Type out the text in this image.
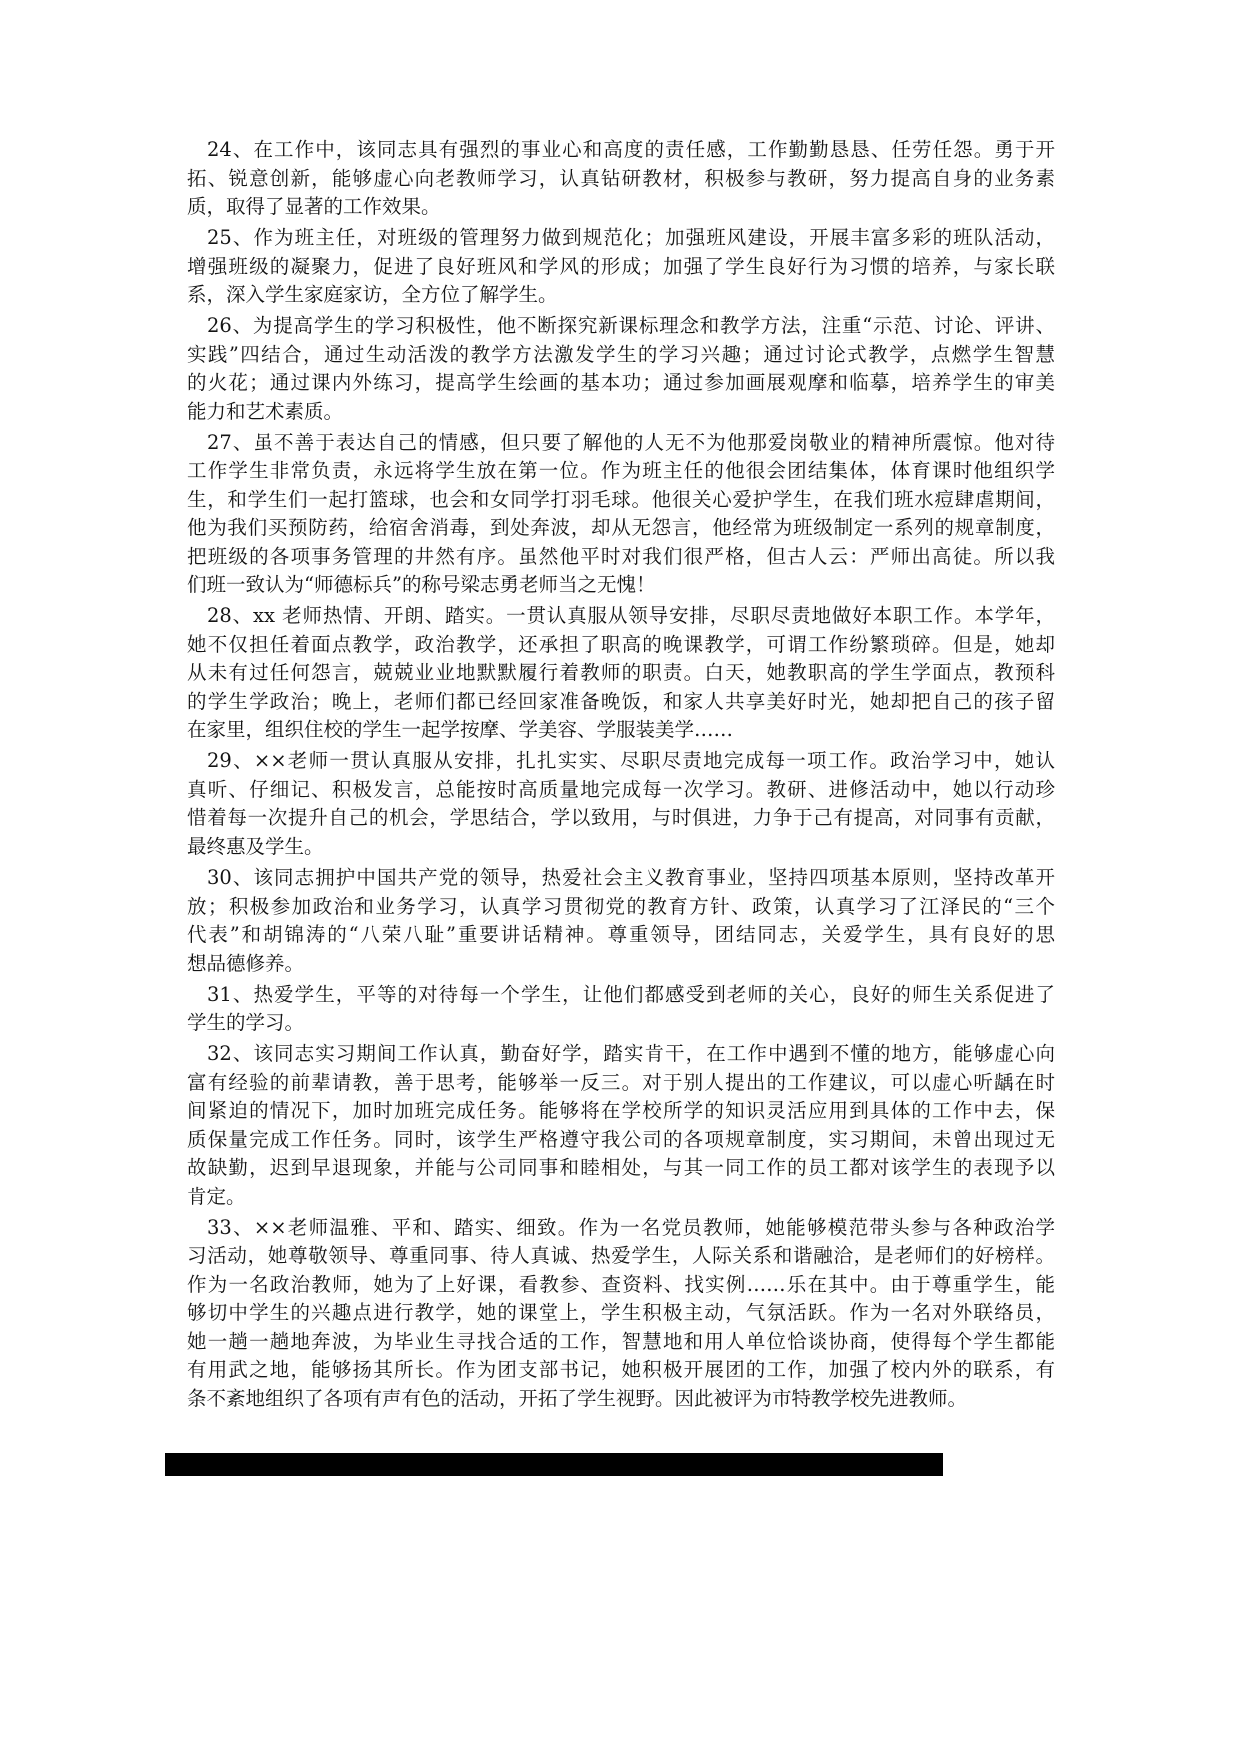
24、在工作中，该同志具有强烈的事业心和高度的责任感，工作勤勤恳恳、任劳任怨。勇于开
拓、锐意创新，能够虚心向老教师学习，认真钻研教材，积极参与教研，努力提高自身的业务素
质，取得了显著的工作效果。
25、作为班主任，对班级的管理努力做到规范化；加强班风建设，开展丰富多彩的班队活动，
增强班级的凝聚力，促进了良好班风和学风的形成；加强了学生良好行为习惯的培养，与家长联
系，深入学生家庭家访，全方位了解学生。
26、为提高学生的学习积极性，他不断探究新课标理念和教学方法，注重“示范、讨论、评讲、
实践”四结合，通过生动活泼的教学方法激发学生的学习兴趣；通过讨论式教学，点燃学生智慧
的火花；通过课内外练习，提高学生绘画的基本功；通过参加画展观摩和临摹，培养学生的审美
能力和艺术素质。
27、虽不善于表达自己的情感，但只要了解他的人无不为他那爱岗敬业的精神所震惊。他对待
工作学生非常负责，永远将学生放在第一位。作为班主任的他很会团结集体，体育课时他组织学
生，和学生们一起打篮球，也会和女同学打羽毛球。他很关心爱护学生，在我们班水痘肆虐期间，
他为我们买预防药，给宿舍消毒，到处奔波，却从无怨言，他经常为班级制定一系列的规章制度，
把班级的各项事务管理的井然有序。虽然他平时对我们很严格，但古人云：严师出高徒。所以我
们班一致认为“师德标兵”的称号梁志勇老师当之无愧！
28、xx 老师热情、开朗、踏实。一贯认真服从领导安排，尽职尽责地做好本职工作。本学年，
她不仅担任着面点教学，政治教学，还承担了职高的晚课教学，可谓工作纷繁琐碎。但是，她却
从未有过任何怨言，兢兢业业地默默履行着教师的职责。白天，她教职高的学生学面点，教预科
的学生学政治；晚上，老师们都已经回家准备晚饭，和家人共享美好时光，她却把自己的孩子留
在家里，组织住校的学生一起学按摩、学美容、学服装美学……
29、××老师一贯认真服从安排，扎扎实实、尽职尽责地完成每一项工作。政治学习中，她认
真听、仔细记、积极发言，总能按时高质量地完成每一次学习。教研、进修活动中，她以行动珍
惜着每一次提升自己的机会，学思结合，学以致用，与时俱进，力争于己有提高，对同事有贡献，
最终惠及学生。
30、该同志拥护中国共产党的领导，热爱社会主义教育事业，坚持四项基本原则，坚持改革开
放；积极参加政治和业务学习，认真学习贯彻党的教育方针、政策，认真学习了江泽民的“三个
代表”和胡锦涛的“八荣八耻”重要讲话精神。尊重领导，团结同志，关爱学生，具有良好的思
想品德修养。
31、热爱学生，平等的对待每一个学生，让他们都感受到老师的关心，良好的师生关系促进了
学生的学习。
32、该同志实习期间工作认真，勤奋好学，踏实肯干，在工作中遇到不懂的地方，能够虚心向
富有经验的前辈请教，善于思考，能够举一反三。对于别人提出的工作建议，可以虚心听龋在时
间紧迫的情况下，加时加班完成任务。能够将在学校所学的知识灵活应用到具体的工作中去，保
质保量完成工作任务。同时，该学生严格遵守我公司的各项规章制度，实习期间，未曾出现过无
故缺勤，迟到早退现象，并能与公司同事和睦相处，与其一同工作的员工都对该学生的表现予以
肯定。
33、××老师温雅、平和、踏实、细致。作为一名党员教师，她能够模范带头参与各种政治学
习活动，她尊敬领导、尊重同事、待人真诚、热爱学生，人际关系和谐融洽，是老师们的好榜样。
作为一名政治教师，她为了上好课，看教参、查资料、找实例……乐在其中。由于尊重学生，能
够切中学生的兴趣点进行教学，她的课堂上，学生积极主动，气氛活跃。作为一名对外联络员，
她一趟一趟地奔波，为毕业生寻找合适的工作，智慧地和用人单位恰谈协商，使得每个学生都能
有用武之地，能够扬其所长。作为团支部书记，她积极开展团的工作，加强了校内外的联系，有
条不紊地组织了各项有声有色的活动，开拓了学生视野。因此被评为市特教学校先进教师。

第 7 页 /总页数 11 页
